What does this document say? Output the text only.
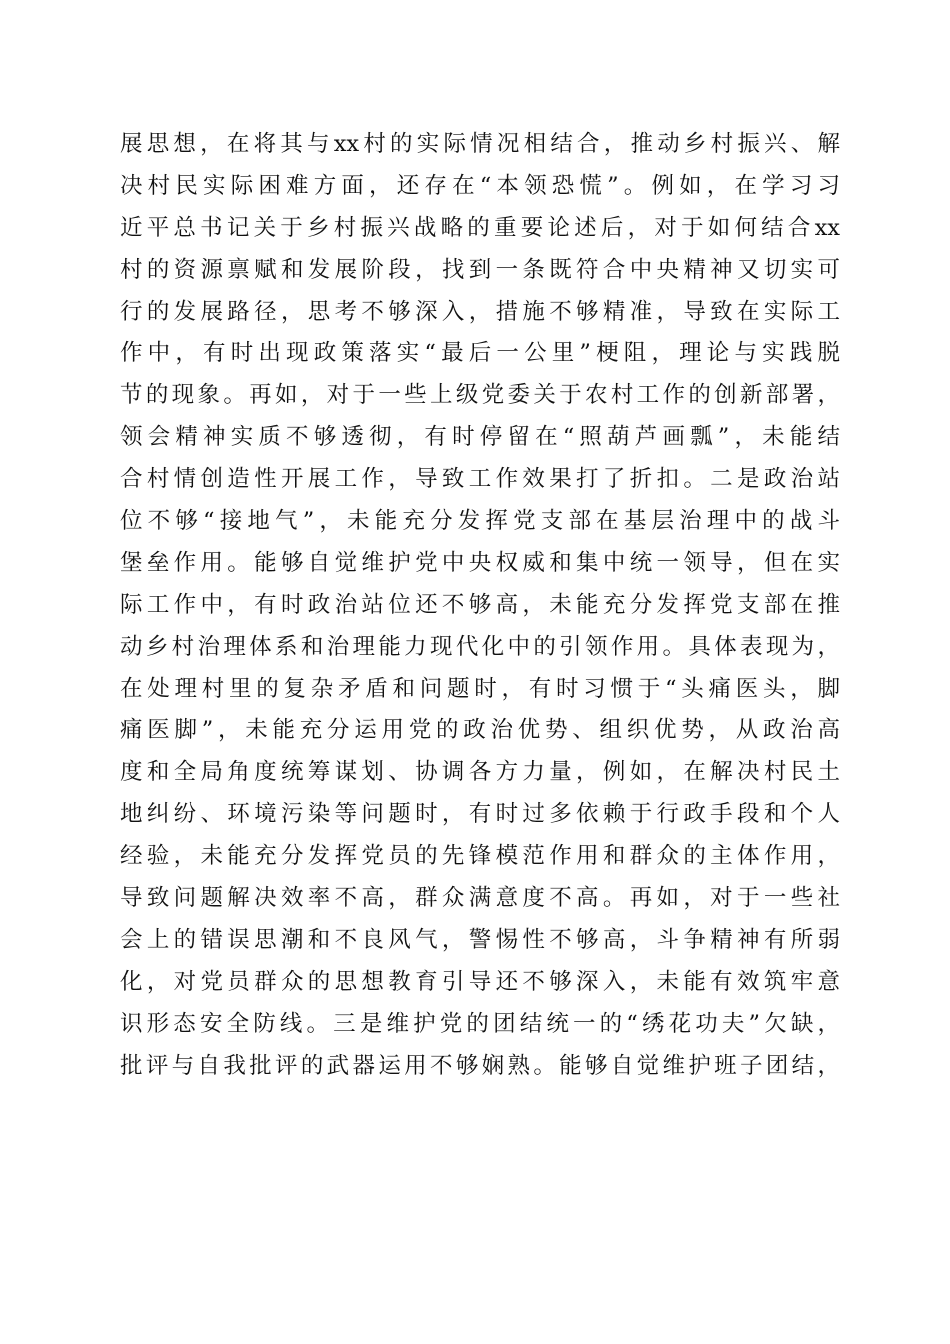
展思想，在将其与xx村的实际情况相结合，推动乡村振兴、解
决村民实际困难方面，还存在“本领恐慌”。例如，在学习习
近平总书记关于乡村振兴战略的重要论述后，对于如何结合xx
村的资源禀赋和发展阶段，找到一条既符合中央精神又切实可
行的发展路径，思考不够深入，措施不够精准，导致在实际工
作中，有时出现政策落实“最后一公里”梗阻，理论与实践脱
节的现象。再如，对于一些上级党委关于农村工作的创新部署，
领会精神实质不够透彻，有时停留在“照葫芦画瓢”，未能结
合村情创造性开展工作，导致工作效果打了折扣。二是政治站
位不够“接地气”，未能充分发挥党支部在基层治理中的战斗
堡垒作用。能够自觉维护党中央权威和集中统一领导，但在实
际工作中，有时政治站位还不够高，未能充分发挥党支部在推
动乡村治理体系和治理能力现代化中的引领作用。具体表现为，
在处理村里的复杂矛盾和问题时，有时习惯于“头痛医头，脚
痛医脚”，未能充分运用党的政治优势、组织优势，从政治高
度和全局角度统筹谋划、协调各方力量，例如，在解决村民土
地纠纷、环境污染等问题时，有时过多依赖于行政手段和个人
经验，未能充分发挥党员的先锋模范作用和群众的主体作用，
导致问题解决效率不高，群众满意度不高。再如，对于一些社
会上的错误思潮和不良风气，警惕性不够高，斗争精神有所弱
化，对党员群众的思想教育引导还不够深入，未能有效筑牢意
识形态安全防线。三是维护党的团结统一的“绣花功夫”欠缺，
批评与自我批评的武器运用不够娴熟。能够自觉维护班子团结，
